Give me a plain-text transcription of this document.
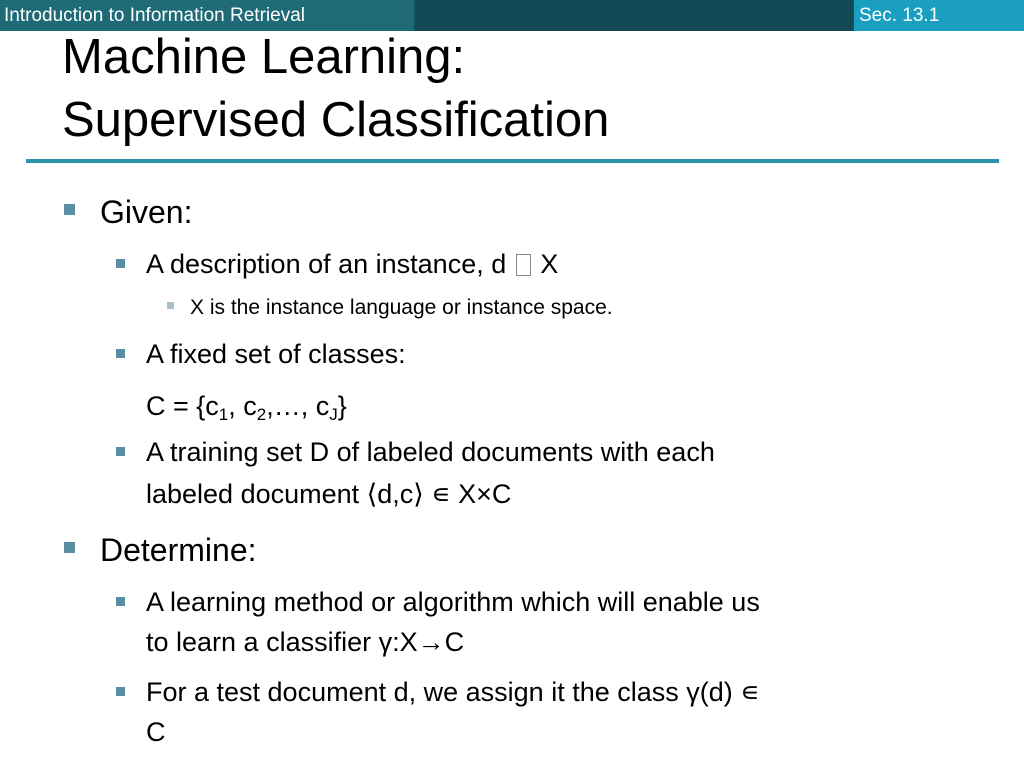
Introduction to Information Retrieval	Sec. 13.1
Machine Learning:
Supervised Classification
Given:
A description of an instance, d  X
X is the instance language or instance space.
A fixed set of classes:
$C = \{c_1$, $c_2,\dots$, $c_J$}
A training set D of labeled documents with each
labeled document ⟨d,c⟩ ∊ X×C
Determine:
A learning method or algorithm which will enable us
to learn a classifier γ:X→C
For a test document d, we assign it the class γ(d) ∊
C
